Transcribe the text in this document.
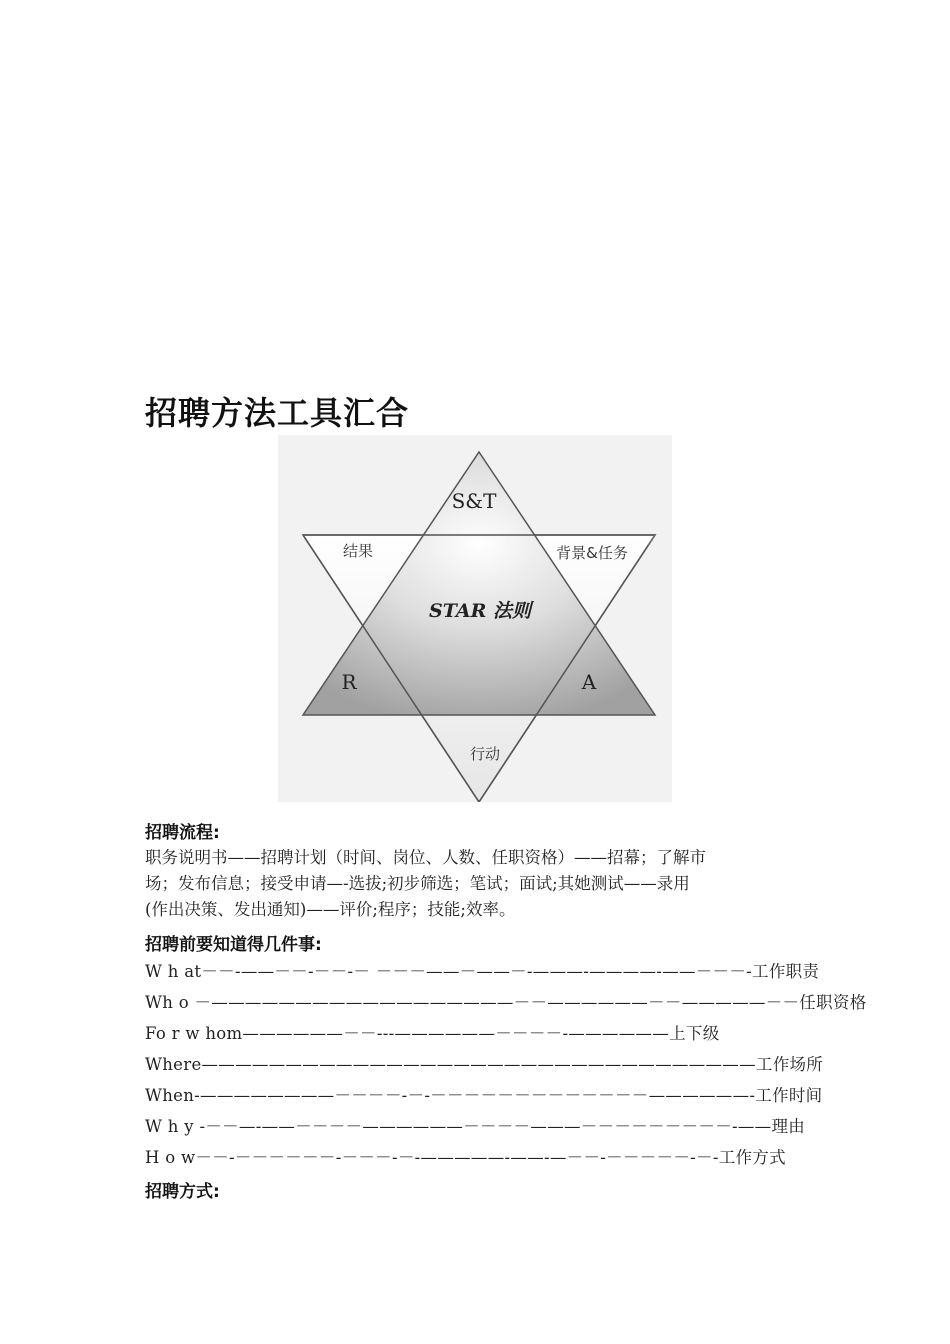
招聘方法工具汇合
S&T
结果	背景&任务
STAR 法则
R	A
行动
招聘流程:
职务说明书——招聘计划（时间、岗位、人数、任职资格）——招幕；了解市
场；发布信息；接受申请—-选拔;初步筛选；笔试；面试;其她测试——录用
(作出决策、发出通知)——评价;程序；技能;效率。
招聘前要知道得几件事:
W h at－－-——－－-－－-－ －－－——－——－-———-————-——－－－-工作职责
Wh o －——————————————————－－——————－－—————－－任职资格
Fo r w hom——————－－---——————－－－－-——————上下级
Where—————————————————————————————————工作场所
When-————————－－－－-－-－－－－－－－－－－－－－——————-工作时间
W h y -－－—-——－－－－——————－－－－———－－－－－－－－－-——理由
H o w－－-－－－－－－-－－－-－-—————-——-—－－-－－－－－-－-工作方式
招聘方式:
